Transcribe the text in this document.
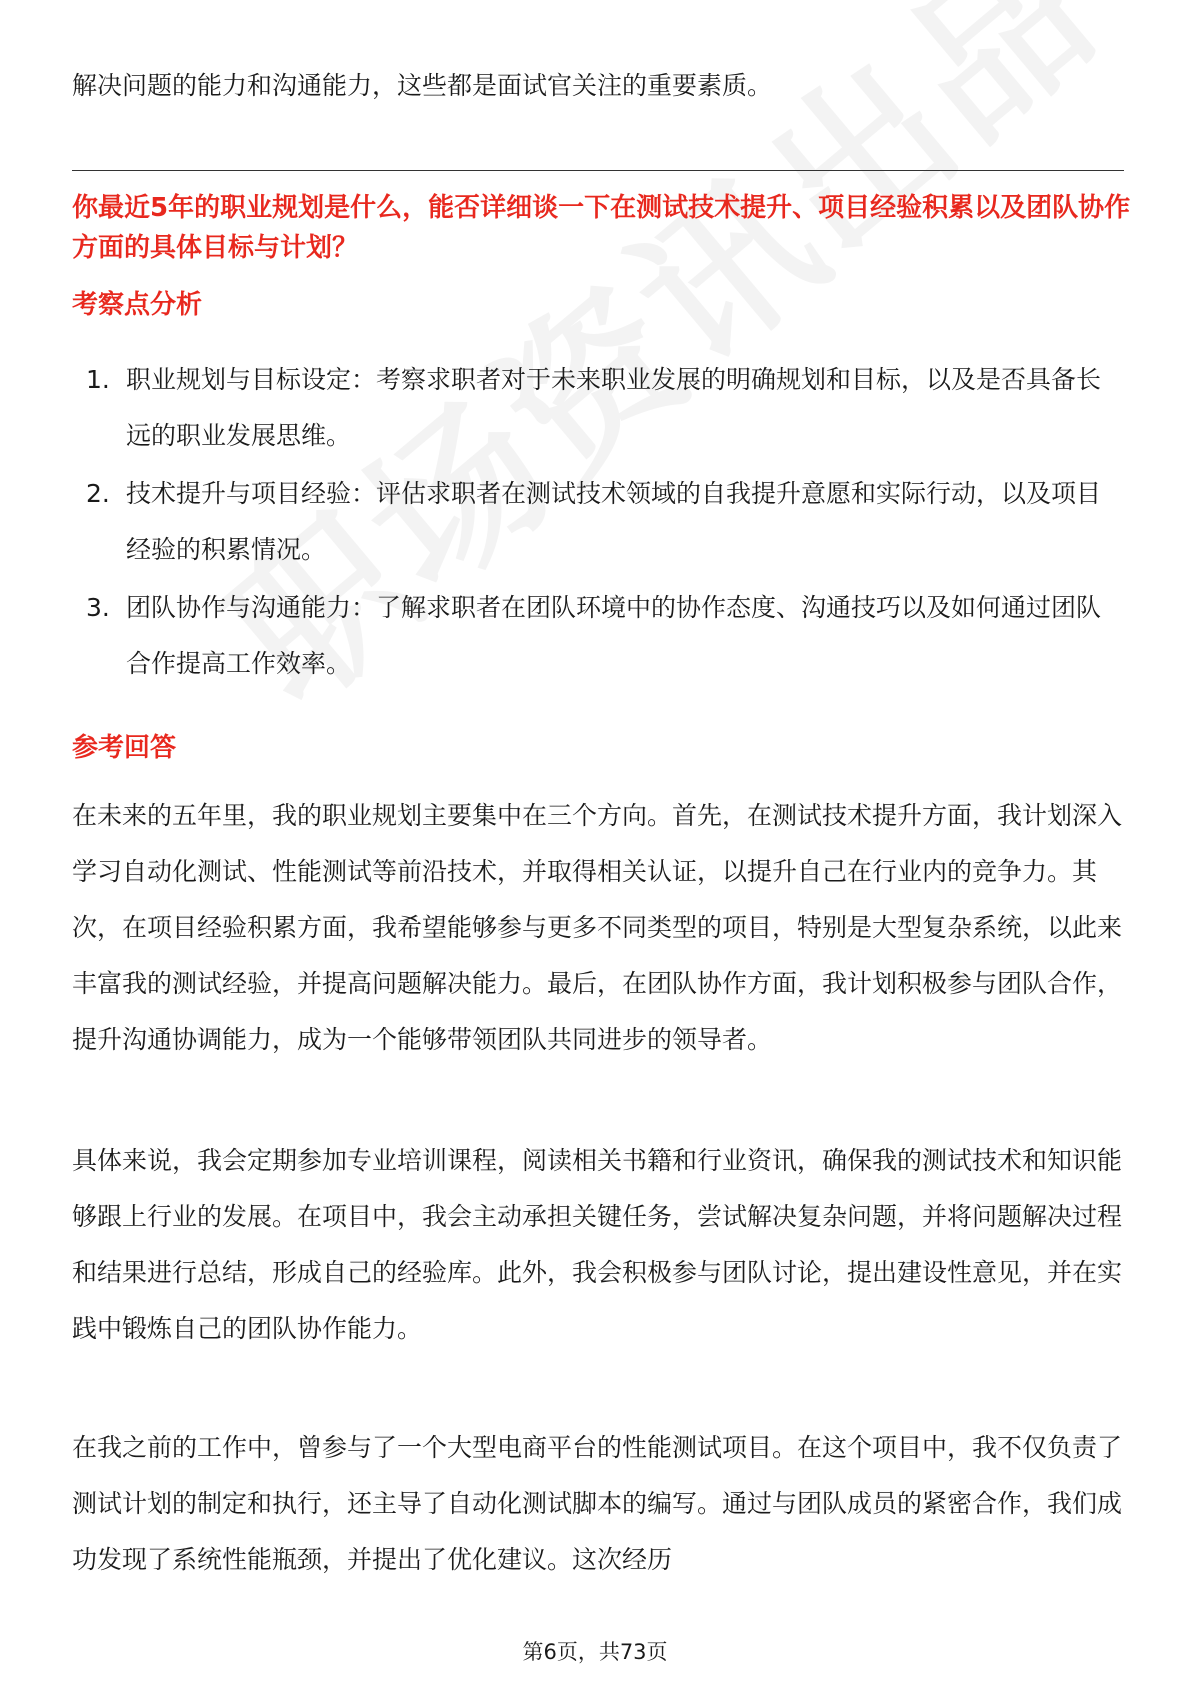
解决问题的能力和沟通能力，这些都是面试官关注的重要素质。

你最近5年的职业规划是什么，能否详细谈一下在测试技术提升、项目经验积累以及团队协作方面的具体目标与计划？

考察点分析
1. 职业规划与目标设定：考察求职者对于未来职业发展的明确规划和目标，以及是否具备长远的职业发展思维。
2. 技术提升与项目经验：评估求职者在测试技术领域的自我提升意愿和实际行动，以及项目经验的积累情况。
3. 团队协作与沟通能力：了解求职者在团队环境中的协作态度、沟通技巧以及如何通过团队合作提高工作效率。
参考回答

在未来的五年里，我的职业规划主要集中在三个方向。首先，在测试技术提升方面，我计划深入学习自动化测试、性能测试等前沿技术，并取得相关认证，以提升自己在行业内的竞争力。其次，在项目经验积累方面，我希望能够参与更多不同类型的项目，特别是大型复杂系统，以此来丰富我的测试经验，并提高问题解决能力。最后，在团队协作方面，我计划积极参与团队合作，提升沟通协调能力，成为一个能够带领团队共同进步的领导者。

具体来说，我会定期参加专业培训课程，阅读相关书籍和行业资讯，确保我的测试技术和知识能够跟上行业的发展。在项目中，我会主动承担关键任务，尝试解决复杂问题，并将问题解决过程和结果进行总结，形成自己的经验库。此外，我会积极参与团队讨论，提出建设性意见，并在实践中锻炼自己的团队协作能力。

在我之前的工作中，曾参与了一个大型电商平台的性能测试项目。在这个项目中，我不仅负责了测试计划的制定和执行，还主导了自动化测试脚本的编写。通过与团队成员的紧密合作，我们成功发现了系统性能瓶颈，并提出了优化建议。这次经历

第6页，共73页
